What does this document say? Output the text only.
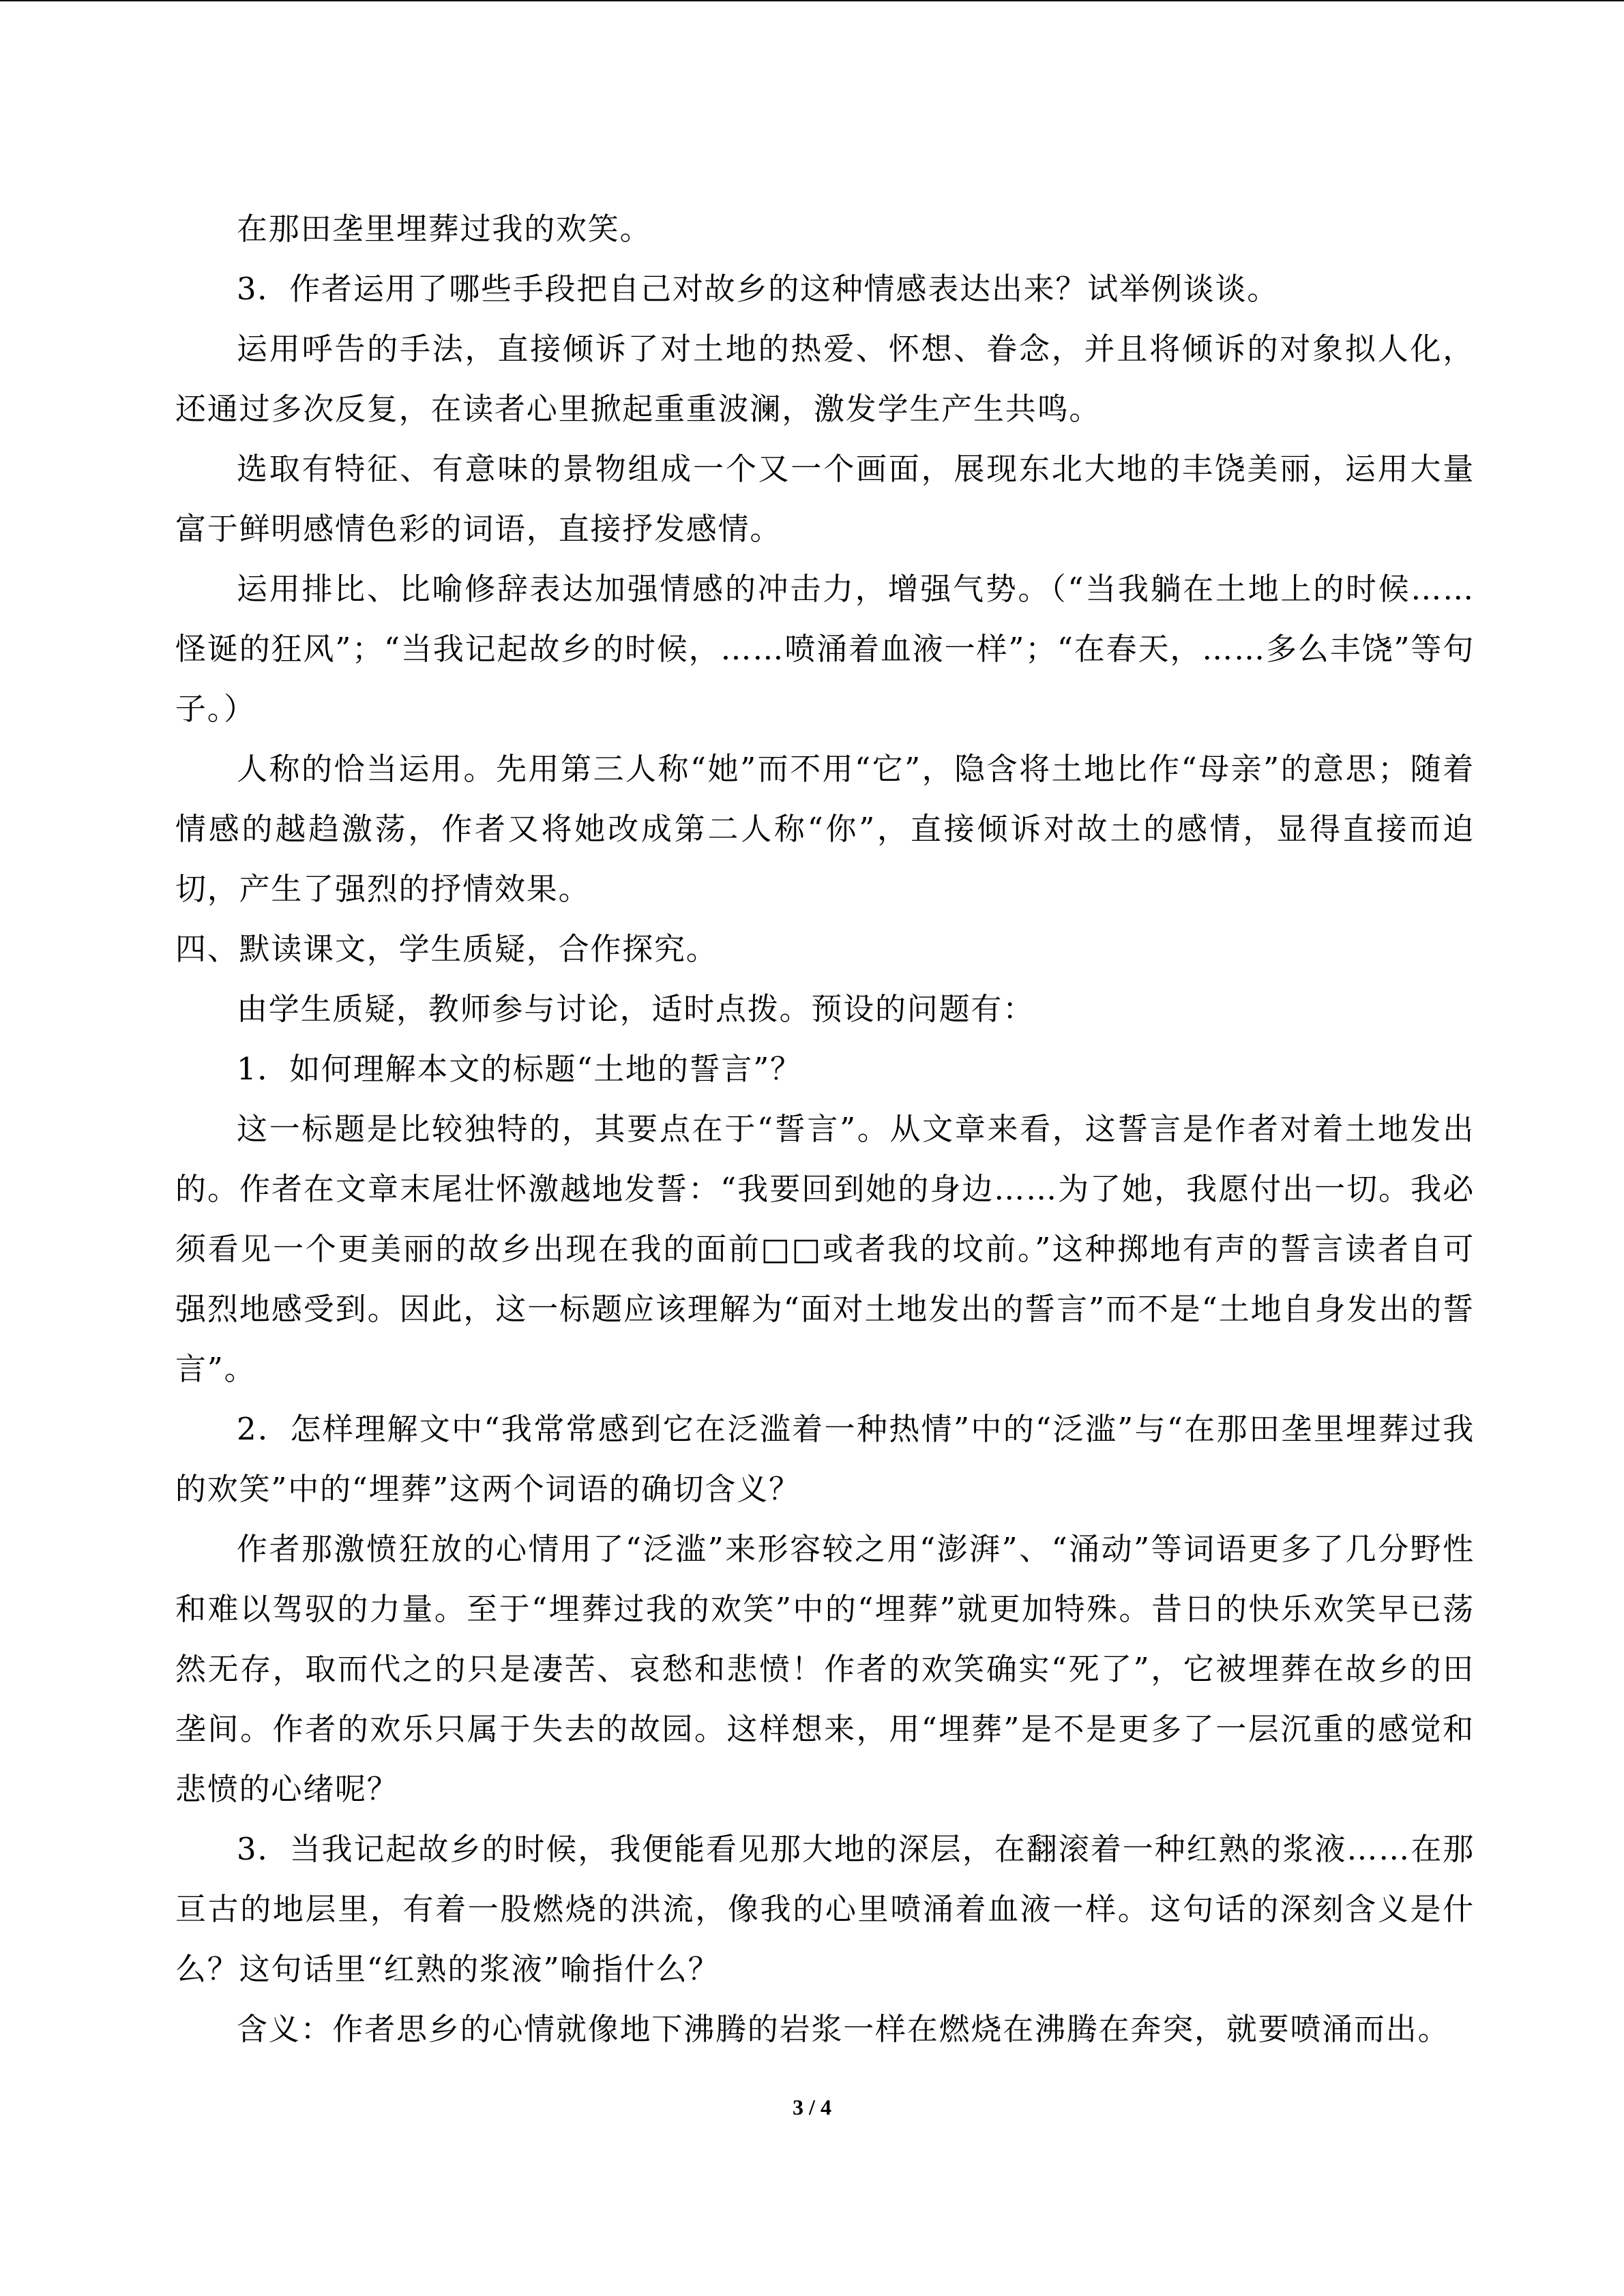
在那田垄里埋葬过我的欢笑。

3．作者运用了哪些手段把自己对故乡的这种情感表达出来？试举例谈谈。

运用呼告的手法，直接倾诉了对土地的热爱、怀想、眷念，并且将倾诉的对象拟人化，还通过多次反复，在读者心里掀起重重波澜，激发学生产生共鸣。

选取有特征、有意味的景物组成一个又一个画面，展现东北大地的丰饶美丽，运用大量富于鲜明感情色彩的词语，直接抒发感情。

运用排比、比喻修辞表达加强情感的冲击力，增强气势。（“当我躺在土地上的时候……怪诞的狂风”；“当我记起故乡的时候，……喷涌着血液一样”；“在春天，……多么丰饶”等句子。）

人称的恰当运用。先用第三人称“她”而不用“它”，隐含将土地比作“母亲”的意思；随着情感的越趋激荡，作者又将她改成第二人称“你”，直接倾诉对故土的感情，显得直接而迫切，产生了强烈的抒情效果。

四、默读课文，学生质疑，合作探究。

由学生质疑，教师参与讨论，适时点拨。预设的问题有：

1．如何理解本文的标题“土地的誓言”？

这一标题是比较独特的，其要点在于“誓言”。从文章来看，这誓言是作者对着土地发出的。作者在文章末尾壮怀激越地发誓：“我要回到她的身边……为了她，我愿付出一切。我必须看见一个更美丽的故乡出现在我的面前□□或者我的坟前。”这种掷地有声的誓言读者自可强烈地感受到。因此，这一标题应该理解为“面对土地发出的誓言”而不是“土地自身发出的誓言”。

2．怎样理解文中“我常常感到它在泛滥着一种热情”中的“泛滥”与“在那田垄里埋葬过我的欢笑”中的“埋葬”这两个词语的确切含义？

作者那激愤狂放的心情用了“泛滥”来形容较之用“澎湃”、“涌动”等词语更多了几分野性和难以驾驭的力量。至于“埋葬过我的欢笑”中的“埋葬”就更加特殊。昔日的快乐欢笑早已荡然无存，取而代之的只是凄苦、哀愁和悲愤！作者的欢笑确实“死了”，它被埋葬在故乡的田垄间。作者的欢乐只属于失去的故园。这样想来，用“埋葬”是不是更多了一层沉重的感觉和悲愤的心绪呢？

3．当我记起故乡的时候，我便能看见那大地的深层，在翻滚着一种红熟的浆液……在那亘古的地层里，有着一股燃烧的洪流，像我的心里喷涌着血液一样。这句话的深刻含义是什么？这句话里“红熟的浆液”喻指什么？

含义：作者思乡的心情就像地下沸腾的岩浆一样在燃烧在沸腾在奔突，就要喷涌而出。

3 / 4
